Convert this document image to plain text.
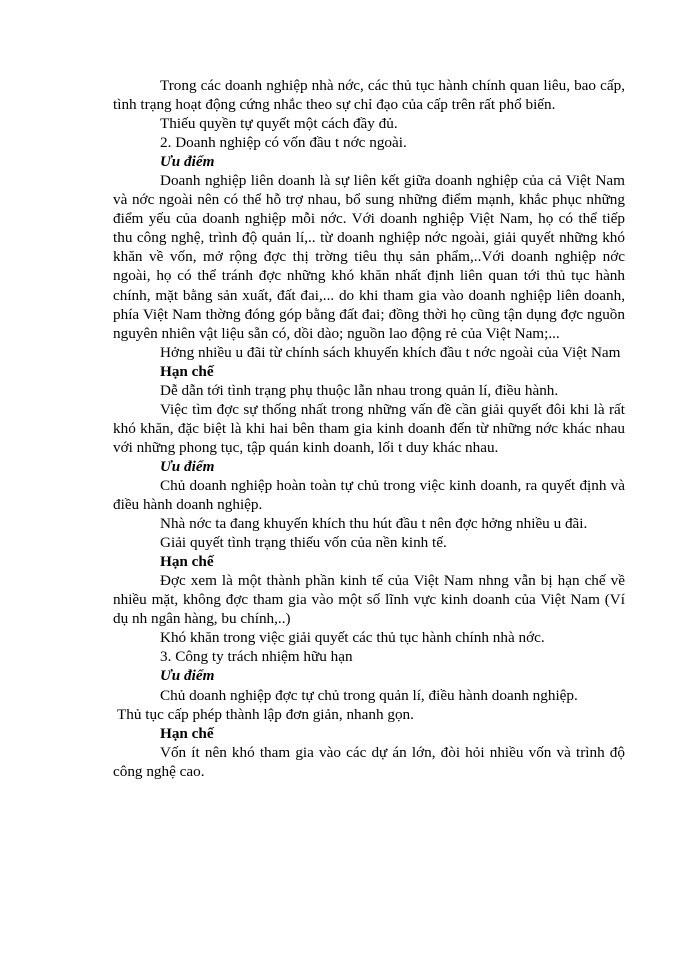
Trong các doanh nghiệp nhà nớc, các thủ tục hành chính quan liêu, bao cấp, tình trạng hoạt động cứng nhắc theo sự chỉ đạo của cấp trên rất phổ biến.

Thiếu quyền tự quyết một cách đầy đủ.

2. Doanh nghiệp có vốn đầu t nớc ngoài.

Ưu điểm

Doanh nghiệp liên doanh là sự liên kết giữa doanh nghiệp của cả Việt Nam và nớc ngoài nên có thể hỗ trợ nhau, bổ sung những điểm mạnh, khắc phục những điểm yếu của doanh nghiệp mỗi nớc. Với doanh nghiệp Việt Nam, họ có thể tiếp thu công nghệ, trình độ quản lí,.. từ doanh nghiệp nớc ngoài, giải quyết những khó khăn về vốn, mở rộng đợc thị trờng tiêu thụ sản phẩm,..Với doanh nghiệp nớc ngoài, họ có thể tránh đợc những khó khăn nhất định liên quan tới thủ tục hành chính, mặt bằng sản xuất, đất đai,... do khi tham gia vào doanh nghiệp liên doanh, phía Việt Nam thờng đóng góp bằng đất đai; đồng thời họ cũng tận dụng đợc nguồn nguyên nhiên vật liệu sẵn có, dồi dào; nguồn lao động rẻ của Việt Nam;...

Hởng nhiều u đãi từ chính sách khuyến khích đầu t nớc ngoài của Việt Nam

Hạn chế

Dễ dẫn tới tình trạng phụ thuộc lẫn nhau trong quản lí, điều hành.

Việc tìm đợc sự thống nhất trong những vấn đề cần giải quyết đôi khi là rất khó khăn, đặc biệt là khi hai bên tham gia kinh doanh đến từ những nớc khác nhau với những phong tục, tập quán kinh doanh, lối t duy khác nhau.

Ưu điểm

Chủ doanh nghiệp hoàn toàn tự chủ trong việc kinh doanh, ra quyết định và điều hành doanh nghiệp.

Nhà nớc ta đang khuyến khích thu hút đầu t nên đợc hởng nhiều u đãi.

Giải quyết tình trạng thiếu vốn của nền kinh tế.

Hạn chế

Đợc xem là một thành phần kinh tế của Việt Nam nhng vẫn bị hạn chế về nhiều mặt, không đợc tham gia vào một số lĩnh vực kinh doanh của Việt Nam (Ví dụ nh ngân hàng, bu chính,..)

Khó khăn trong việc giải quyết các thủ tục hành chính nhà nớc.

3. Công ty trách nhiệm hữu hạn

Ưu điểm

Chủ doanh nghiệp đợc tự chủ trong quản lí, điều hành doanh nghiệp.

Thủ tục cấp phép thành lập đơn giản, nhanh gọn.

Hạn chế

Vốn ít nên khó tham gia vào các dự án lớn, đòi hỏi nhiều vốn và trình độ công nghệ cao.
